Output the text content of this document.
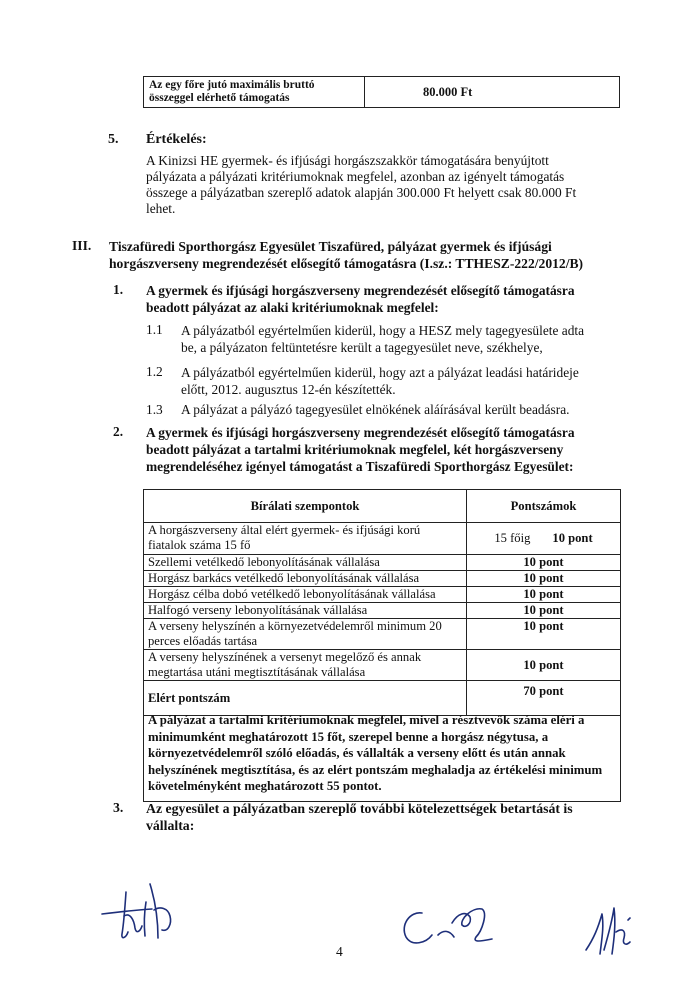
Az egy főre jutó maximális bruttó
összeggel elérhető támogatás	80.000 Ft
5. Értékelés:
A Kinizsi HE gyermek- és ifjúsági horgászszakkör támogatására benyújtott
pályázata a pályázati kritériumoknak megfelel, azonban az igényelt támogatás
összege a pályázatban szereplő adatok alapján 300.000 Ft helyett csak 80.000 Ft
lehet.
III. Tiszafüredi Sporthorgász Egyesület Tiszafüred, pályázat gyermek és ifjúsági
horgászverseny megrendezését elősegítő támogatásra (I.sz.: TTHESZ-222/2012/B)
1. A gyermek és ifjúsági horgászverseny megrendezését elősegítő támogatásra
beadott pályázat az alaki kritériumoknak megfelel:
1.1 A pályázatból egyértelműen kiderül, hogy a HESZ mely tagegyesülete adta
be, a pályázaton feltüntetésre került a tagegyesület neve, székhelye,
1.2 A pályázatból egyértelműen kiderül, hogy azt a pályázat leadási határideje
előtt, 2012. augusztus 12-én készítették.
1.3 A pályázat a pályázó tagegyesület elnökének aláírásával került beadásra.
2. A gyermek és ifjúsági horgászverseny megrendezését elősegítő támogatásra
beadott pályázat a tartalmi kritériumoknak megfelel, két horgászverseny
megrendeléséhez igényel támogatást a Tiszafüredi Sporthorgász Egyesület:
Bírálati szempontok	Pontszámok

A horgászverseny által elért gyermek- és ifjúsági korú
fiatalok száma 15 fő	15 főig 10 pont

Szellemi vetélkedő lebonyolításának vállalása	10 pont

Horgász barkács vetélkedő lebonyolításának vállalása	10 pont

Horgász célba dobó vetélkedő lebonyolításának vállalása	10 pont

Halfogó verseny lebonyolításának vállalása	10 pont

A verseny helyszínén a környezetvédelemről minimum 20
perces előadás tartása	10 pont

A verseny helyszínének a versenyt megelőző és annak
megtartása utáni megtisztításának vállalása	10 pont
Elért pontszám	70 pont
A pályázat a tartalmi kritériumoknak megfelel, mivel a résztvevők száma eléri a
minimumként meghatározott 15 főt, szerepel benne a horgász négytusa, a
környezetvédelemről szóló előadás, és vállalták a verseny előtt és után annak
helyszínének megtisztítása, és az elért pontszám meghaladja az értékelési minimum
követelményként meghatározott 55 pontot.
3. Az egyesület a pályázatban szereplő további kötelezettségek betartását is
vállalta:
4
